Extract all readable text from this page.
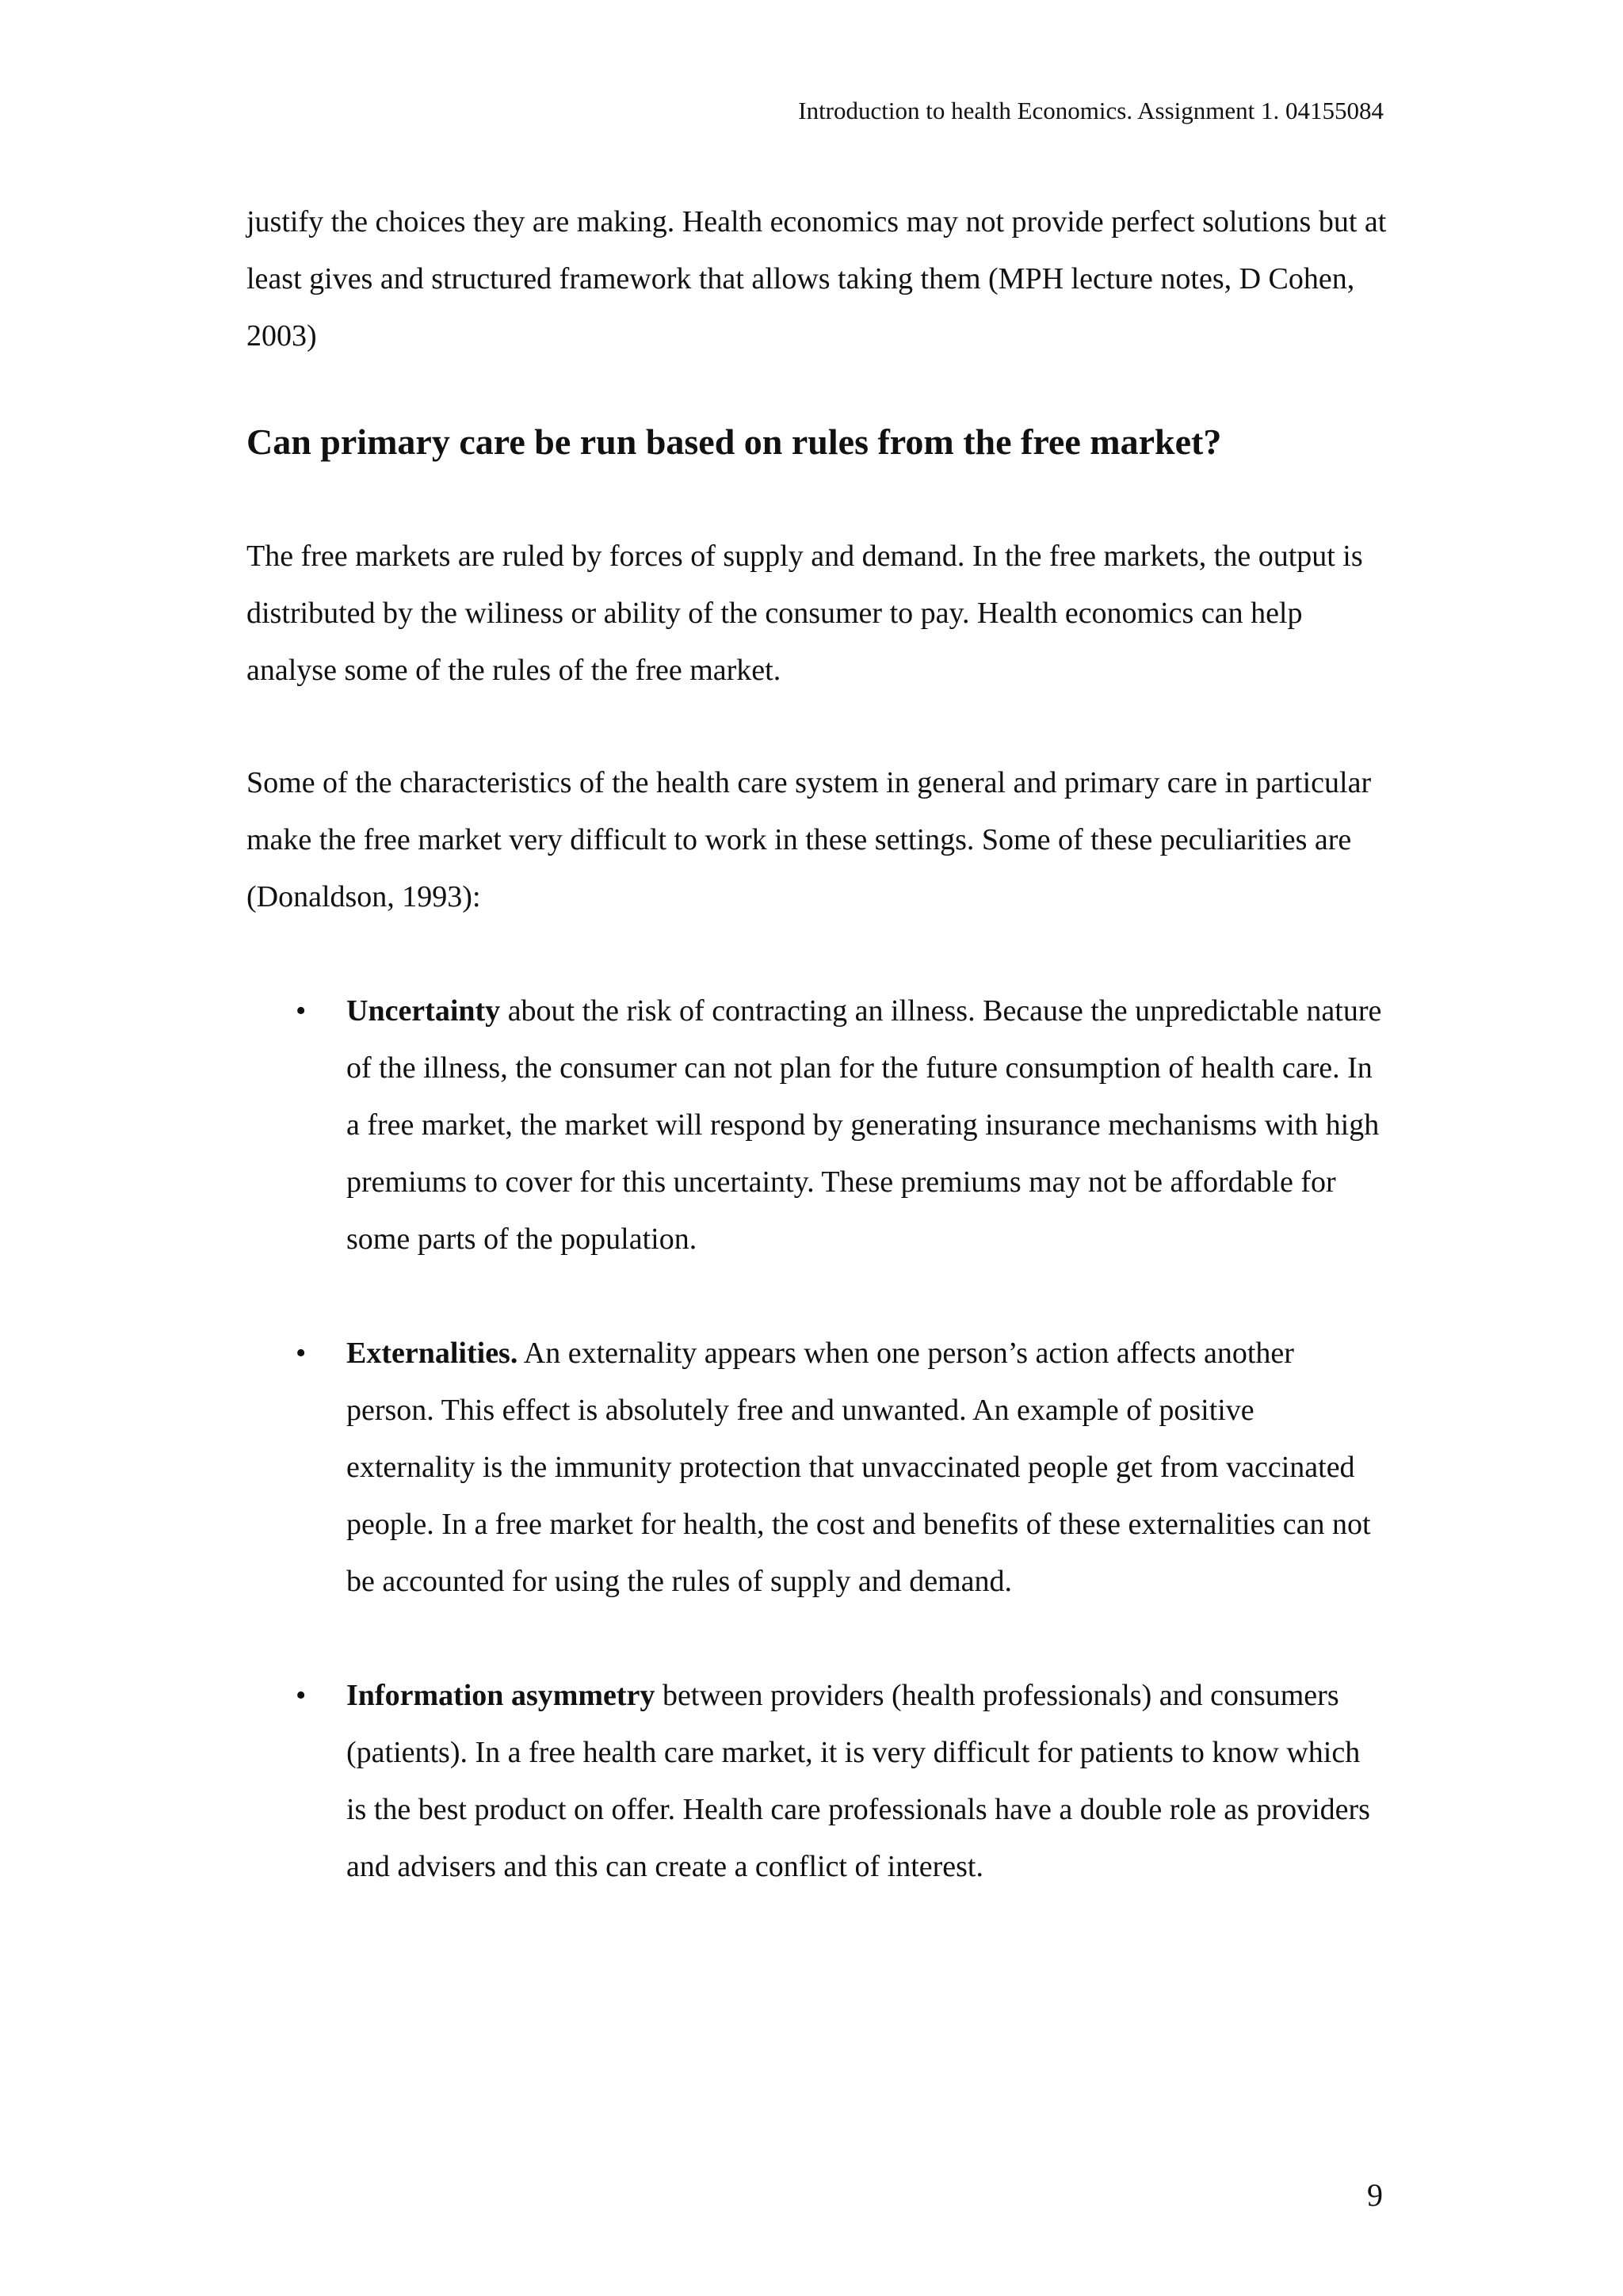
Introduction to health Economics. Assignment 1. 04155084

justify the choices they are making. Health economics may not provide perfect solutions but at least gives and structured framework that allows taking them (MPH lecture notes, D Cohen, 2003)

Can primary care be run based on rules from the free market?

The free markets are ruled by forces of supply and demand. In the free markets, the output is distributed by the wiliness or ability of the consumer to pay. Health economics can help analyse some of the rules of the free market.

Some of the characteristics of the health care system in general and primary care in particular make the free market very difficult to work in these settings. Some of these peculiarities are (Donaldson, 1993):

• Uncertainty about the risk of contracting an illness. Because the unpredictable nature of the illness, the consumer can not plan for the future consumption of health care. In a free market, the market will respond by generating insurance mechanisms with high premiums to cover for this uncertainty. These premiums may not be affordable for some parts of the population.
• Externalities. An externality appears when one person’s action affects another person. This effect is absolutely free and unwanted. An example of positive externality is the immunity protection that unvaccinated people get from vaccinated people. In a free market for health, the cost and benefits of these externalities can not be accounted for using the rules of supply and demand.
• Information asymmetry between providers (health professionals) and consumers (patients). In a free health care market, it is very difficult for patients to know which is the best product on offer. Health care professionals have a double role as providers and advisers and this can create a conflict of interest.
9
